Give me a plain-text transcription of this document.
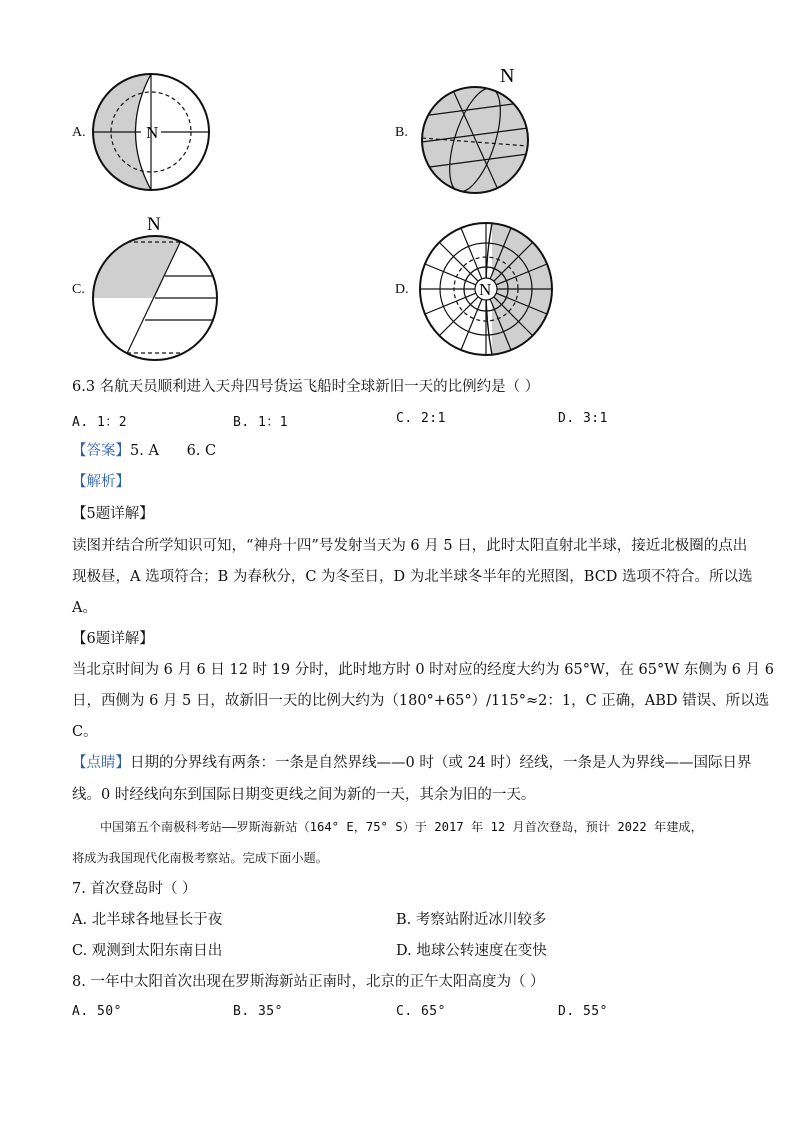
A.	N	B.
N
C.
N
D.	N
6.3 名航天员顺利进入天舟四号货运飞船时全球新旧一天的比例约是（ ）
A. 1：2	B. 1：1	C. 2:1	D. 3:1
【答案】5. A      6. C
【解析】
【5题详解】
读图并结合所学知识可知，“神舟十四”号发射当天为 6 月 5 日，此时太阳直射北半球，接近北极圈的点出
现极昼，A 选项符合；B 为春秋分，C 为冬至日，D 为北半球冬半年的光照图，BCD 选项不符合。所以选
A。
【6题详解】
当北京时间为 6 月 6 日 12 时 19 分时，此时地方时 0 时对应的经度大约为 65°W，在 65°W 东侧为 6 月 6
日，西侧为 6 月 5 日，故新旧一天的比例大约为（180°+65°）/115°≈2：1，C 正确，ABD 错误、所以选
C。
【点睛】日期的分界线有两条：一条是自然界线——0 时（或 24 时）经线，一条是人为界线——国际日界
线。0 时经线向东到国际日期变更线之间为新的一天，其余为旧的一天。
中国第五个南极科考站——罗斯海新站（164° E，75° S）于 2017 年 12 月首次登岛，预计 2022 年建成，
将成为我国现代化南极考察站。完成下面小题。
7. 首次登岛时（ ）
A. 北半球各地昼长于夜	B. 考察站附近冰川较多
C. 观测到太阳东南日出	D. 地球公转速度在变快
8. 一年中太阳首次出现在罗斯海新站正南时，北京的正午太阳高度为（ ）
A. 50°	B. 35°	C. 65°	D. 55°
